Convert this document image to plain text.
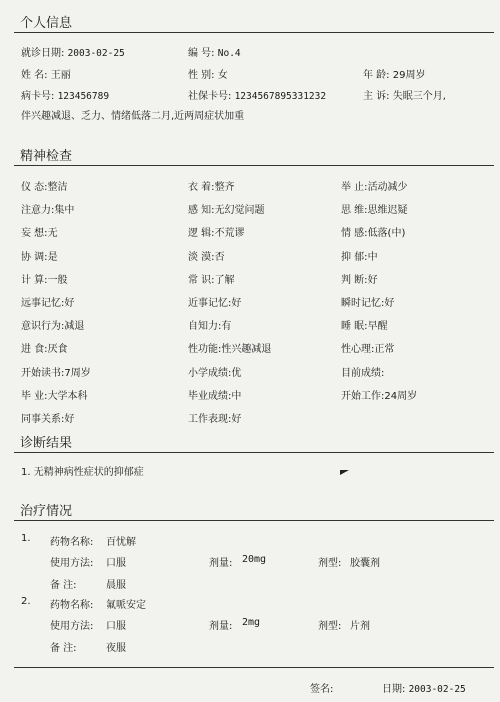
个人信息
就诊日期: 2003-02-25	编 号: No.4
姓 名: 王丽	性 别: 女	年 龄: 29周岁
病卡号: 123456789	社保卡号: 1234567895331232	主 诉: 失眠三个月,
伴兴趣减退、乏力、情绪低落二月,近两周症状加重
精神检查
仪 态:整洁	衣 着:整齐	举 止:活动减少
注意力:集中	感 知:无幻觉问题	思 维:思维迟疑
妄 想:无	逻 辑:不荒谬	情 感:低落(中)
协 调:是	淡 漠:否	抑 郁:中
计 算:一般	常 识:了解	判 断:好
远事记忆:好	近事记忆:好	瞬时记忆:好
意识行为:减退	自知力:有	睡 眠:早醒
进 食:厌食	性功能:性兴趣减退	性心理:正常
开始读书:7周岁	小学成绩:优	目前成绩:
毕 业:大学本科	毕业成绩:中	开始工作:24周岁
同事关系:好	工作表现:好
诊断结果
1. 无精神病性症状的抑郁症
治疗情况
1. 药物名称: 百忧解
使用方法: 口服	剂量: 20mg	剂型: 胶囊剂
备 注:	晨服
2. 药物名称: 氟哌安定
使用方法: 口服	剂量: 2mg	剂型: 片剂
备 注:	夜服
签名:	日期: 2003-02-25
